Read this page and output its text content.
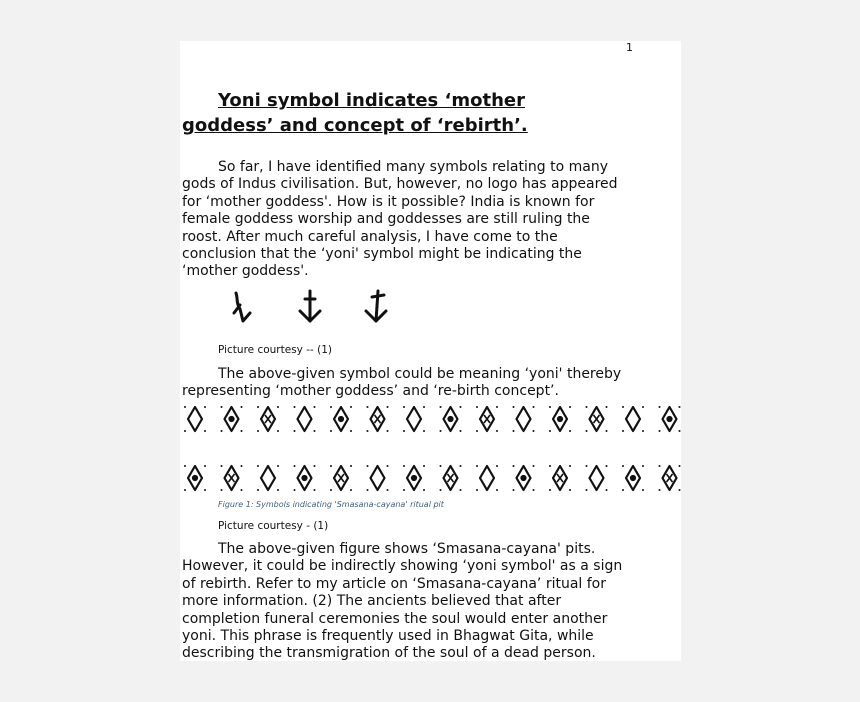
1
Yoni symbol indicates ‘mother goddess’ and concept of ‘rebirth’.

So far, I have identified many symbols relating to many gods of Indus civilisation. But, however, no logo has appeared for ‘mother goddess'. How is it possible? India is known for female goddess worship and goddesses are still ruling the roost. After much careful analysis, I have come to the conclusion that the ‘yoni' symbol might be indicating the ‘mother goddess'.

Picture courtesy -- (1)

The above-given symbol could be meaning ‘yoni' thereby representing ‘mother goddess’ and ‘re-birth concept’.

Figure 1: Symbols indicating 'Smasana-cayana' ritual pit
Picture courtesy - (1)

The above-given figure shows ‘Smasana-cayana' pits. However, it could be indirectly showing ‘yoni symbol' as a sign of rebirth. Refer to my article on ‘Smasana-cayana’ ritual for more information. (2) The ancients believed that after completion funeral ceremonies the soul would enter another yoni. This phrase is frequently used in Bhagwat Gita, while describing the transmigration of the soul of a dead person.
